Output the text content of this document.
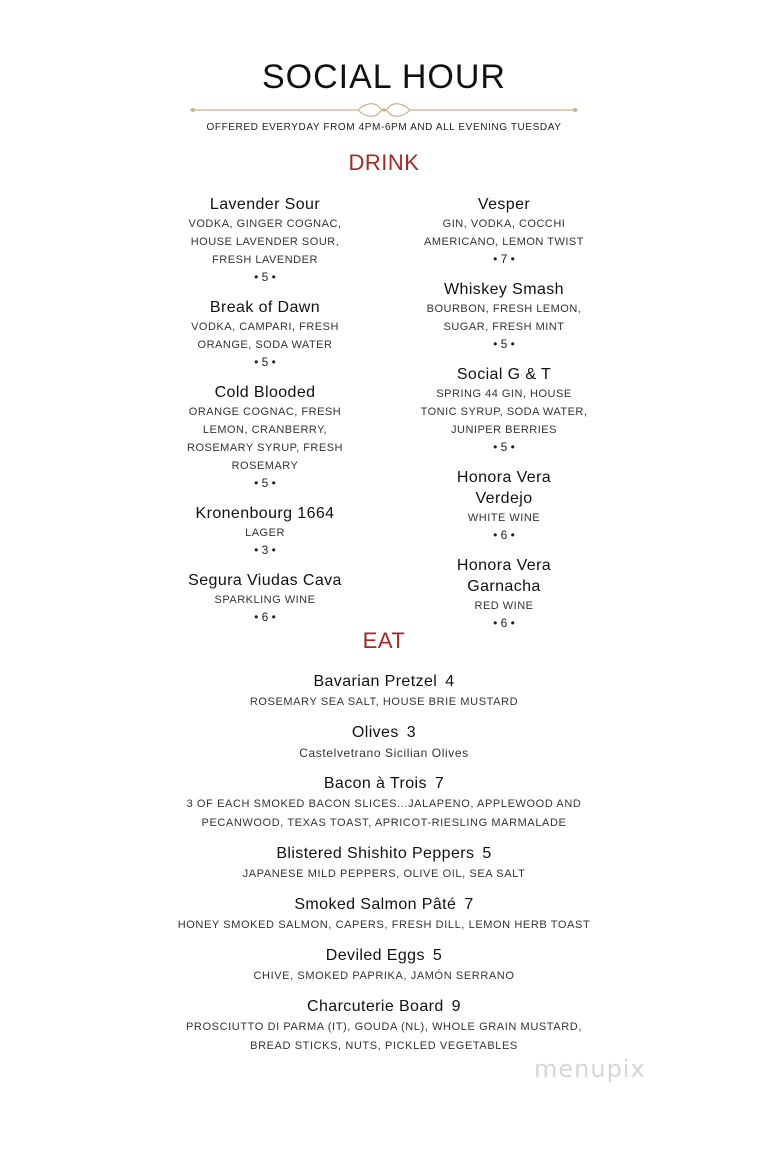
SOCIAL HOUR
OFFERED EVERYDAY FROM 4PM-6PM AND ALL EVENING TUESDAY
DRINK
Lavender Sour
VODKA, GINGER COGNAC,
HOUSE LAVENDER SOUR,
FRESH LAVENDER
• 5 •
Break of Dawn
VODKA, CAMPARI, FRESH
ORANGE, SODA WATER
• 5 •
Cold Blooded
ORANGE COGNAC, FRESH
LEMON, CRANBERRY,
ROSEMARY SYRUP, FRESH
ROSEMARY
• 5 •
Kronenbourg 1664
LAGER
• 3 •
Segura Viudas Cava
SPARKLING WINE
• 6 •
Vesper
GIN, VODKA, COCCHI
AMERICANO, LEMON TWIST
• 7 •
Whiskey Smash
BOURBON, FRESH LEMON,
SUGAR, FRESH MINT
• 5 •
Social G & T
SPRING 44 GIN, HOUSE
TONIC SYRUP, SODA WATER,
JUNIPER BERRIES
• 5 •
Honora Vera
Verdejo
WHITE WINE
• 6 •
Honora Vera
Garnacha
RED WINE
• 6 •
EAT
Bavarian Pretzel 4
ROSEMARY SEA SALT, HOUSE BRIE MUSTARD
Olives 3
Castelvetrano Sicilian Olives
Bacon à Trois 7
3 OF EACH SMOKED BACON SLICES...JALAPENO, APPLEWOOD AND
PECANWOOD, TEXAS TOAST, APRICOT-RIESLING MARMALADE
Blistered Shishito Peppers 5
JAPANESE MILD PEPPERS, OLIVE OIL, SEA SALT
Smoked Salmon Pâté 7
HONEY SMOKED SALMON, CAPERS, FRESH DILL, LEMON HERB TOAST
Deviled Eggs 5
CHIVE, SMOKED PAPRIKA, JAMÓN SERRANO
Charcuterie Board 9
PROSCIUTTO DI PARMA (IT), GOUDA (NL), WHOLE GRAIN MUSTARD,
BREAD STICKS, NUTS, PICKLED VEGETABLES
menupix
